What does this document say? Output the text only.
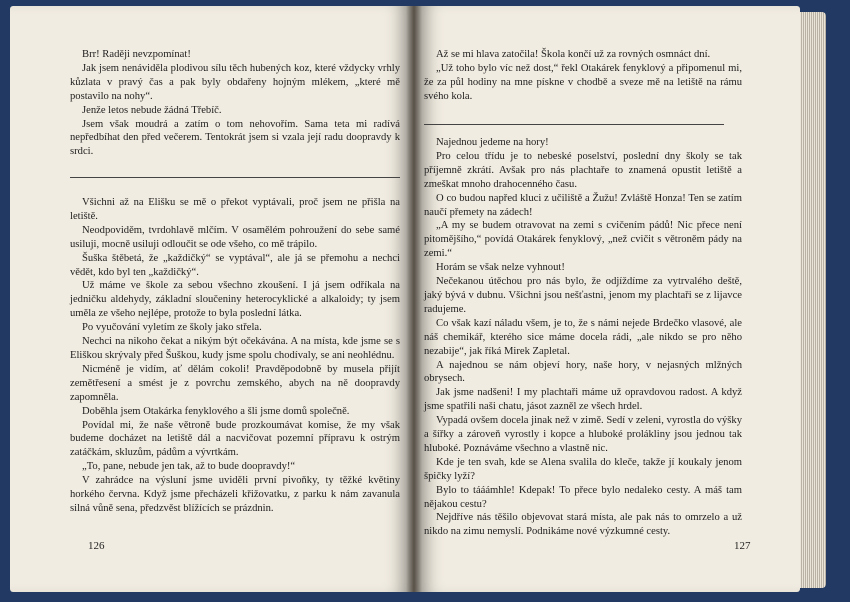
Brr! Raději nevzpomínat!

Jak jsem nenáviděla plodivou sílu těch hubených koz, které vždycky vrhly kůzlata v pravý čas a pak byly obdařeny hojným mlékem, „které mě postavilo na nohy“.

Jenže letos nebude žádná Třebíč.

Jsem však moudrá a zatím o tom nehovořím. Sama teta mi radívá nepředbíhat den před večerem. Tentokrát jsem si vzala její radu doopravdy k srdci.

Všichni až na Elišku se mě o překot vyptávali, proč jsem ne přišla na letiště.

Neodpoviděm, tvrdohlavě mlčím. V osamělém pohroužení do sebe samé usiluji, mocně usiluji odloučit se ode všeho, co mě trápilo.

Šuška štěbetá, že „každičký“ se vyptával“, ale já se přemohu a nechci vědět, kdo byl ten „každičký“.

Už máme ve škole za sebou všechno zkoušení. I já jsem odříkala na jedničku aldehydy, základní sloučeniny heterocyklické a alkaloidy; ty jsem uměla ze všeho nejlépe, protože to byla poslední látka.

Po vyučování vyletím ze školy jako střela.

Nechci na nikoho čekat a nikým být očekávána. A na místa, kde jsme se s Eliškou skrývaly před Šuškou, kudy jsme spolu chodívaly, se ani neohlédnu.

Nicméně je vidím, ať dělám cokoli! Pravděpodobně by musela přijít zemětřesení a smést je z povrchu zemského, abych na ně doopravdy zapomněla.

Doběhla jsem Otakárka fenyklového a šli jsme domů společně.

Povídal mi, že naše větroně bude prozkoumávat komise, že my však budeme docházet na letiště dál a nacvičovat pozemní přípravu k ostrým zatáčkám, skluzům, pádům a vývrtkám.

„To, pane, nebude jen tak, až to bude doopravdy!“

V zahrádce na výsluní jsme uviděli první pivoňky, ty těžké květiny horkého června. Když jsme přecházeli křižovatku, z parku k nám zavanula silná vůně sena, předzvěst blížících se prázdnin.

126

Až se mi hlava zatočila! Škola končí už za rovných osmnáct dní.

„Už toho bylo víc než dost,“ řekl Otakárek fenyklový a připomenul mi, že za půl hodiny na mne pískne v chodbě a sveze mě na letiště na rámu svého kola.

Najednou jedeme na hory!

Pro celou třídu je to nebeské poselství, poslední dny školy se tak příjemně zkrátí. Avšak pro nás plachtaře to znamená opustit letiště a zmeškat mnoho drahocenného času.

O co budou napřed kluci z učiliště a Žužu! Zvláště Honza! Ten se zatím naučí přemety na zádech!

„A my se budem otravovat na zemi s cvičením pádů! Nic přece není pitomějšího,“ povídá Otakárek fenyklový, „než cvičit s větroněm pády na zemi.“

Horám se však nelze vyhnout!

Nečekanou útěchou pro nás bylo, že odjíždíme za vytrvalého deště, jaký bývá v dubnu. Všichni jsou nešťastni, jenom my plachtaři se z lijavce radujeme.

Co však kazí náladu všem, je to, že s námi nejede Brdečko vlasové, ale náš chemikář, kterého sice máme docela rádi, „ale nikdo se pro něho nezabije“, jak říká Mirek Zapletal.

A najednou se nám objeví hory, naše hory, v nejasných mlžných obrysech.

Jak jsme nadšeni! I my plachtaři máme už opravdovou radost. A když jsme spatřili naši chatu, jásot zazněl ze všech hrdel.

Vypadá ovšem docela jinak než v zimě. Sedí v zeleni, vyrostla do výšky a šířky a zároveň vyrostly i kopce a hluboké prolákliny jsou jednou tak hluboké. Poznáváme všechno a vlastně nic.

Kde je ten svah, kde se Alena svalila do kleče, takže jí koukaly jenom špičky lyží?

Bylo to tááámhle! Kdepak! To přece bylo nedaleko cesty. A máš tam nějakou cestu?

Nejdříve nás těšilo objevovat stará místa, ale pak nás to omrzelo a už nikdo na zimu nemyslí. Podnikáme nové výzkumné cesty.

127
